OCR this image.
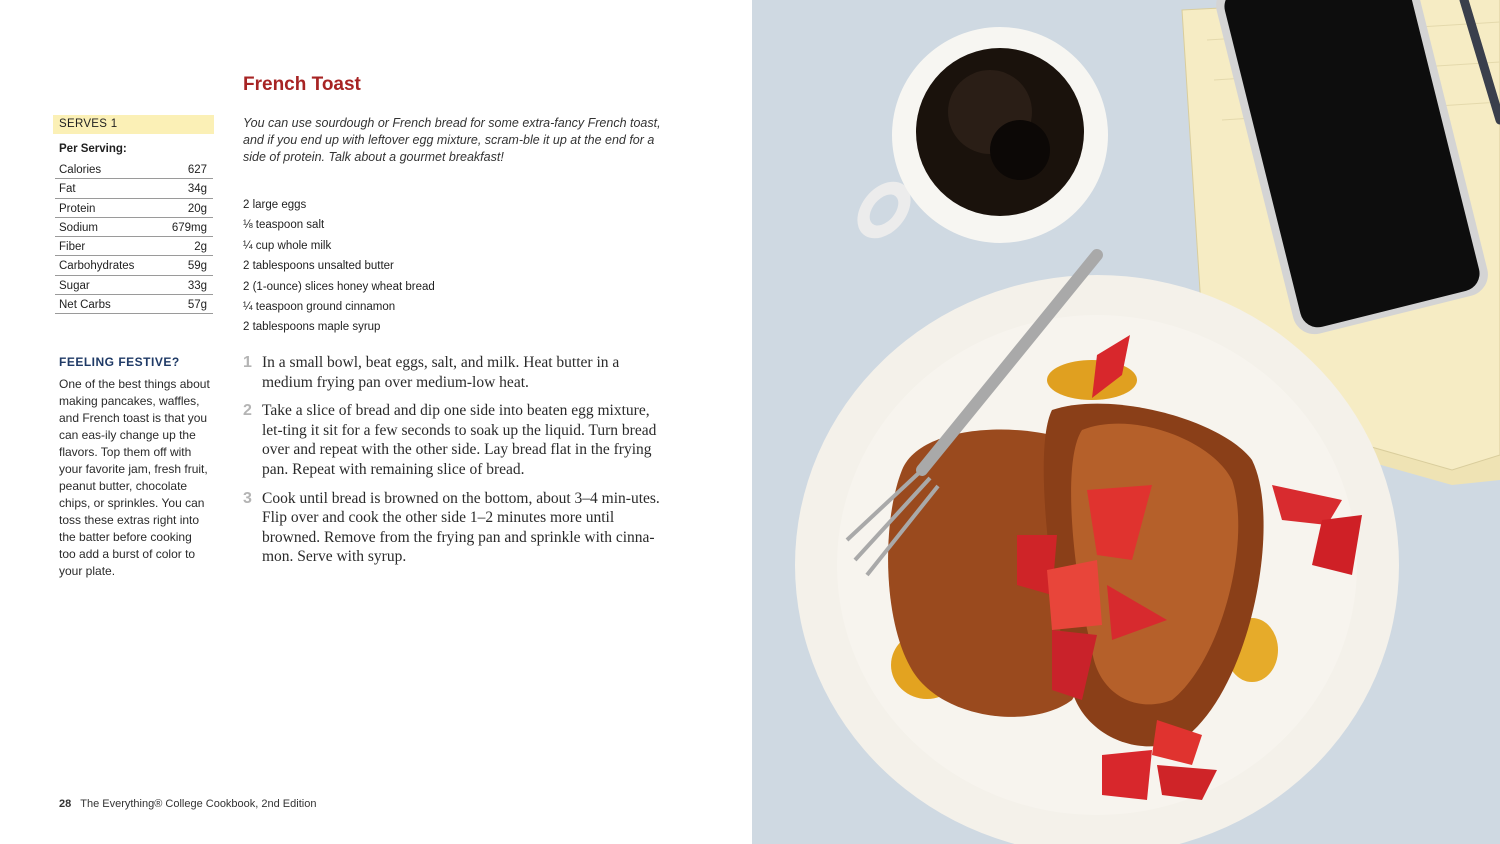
SERVES 1
Per Serving:
Calories	627
Fat	34g
Protein	20g
Sodium	679mg
Fiber	2g
Carbohydrates	59g
Sugar	33g
Net Carbs	57g
FEELING FESTIVE?
One of the best things about making pancakes, waffles, and French toast is that you can eas-ily change up the flavors. Top them off with your favorite jam, fresh fruit, peanut butter, chocolate chips, or sprinkles. You can toss these extras right into the batter before cooking too add a burst of color to your plate.
French Toast
You can use sourdough or French bread for some extra-fancy French toast, and if you end up with leftover egg mixture, scram-ble it up at the end for a side of protein. Talk about a gourmet breakfast!
2 large eggs
⅛ teaspoon salt
¼ cup whole milk
2 tablespoons unsalted butter
2 (1-ounce) slices honey wheat bread
¼ teaspoon ground cinnamon
2 tablespoons maple syrup
1 In a small bowl, beat eggs, salt, and milk. Heat butter in a medium frying pan over medium-low heat.
2 Take a slice of bread and dip one side into beaten egg mixture, let-ting it sit for a few seconds to soak up the liquid. Turn bread over and repeat with the other side. Lay bread flat in the frying pan. Repeat with remaining slice of bread.
3 Cook until bread is browned on the bottom, about 3–4 min-utes. Flip over and cook the other side 1–2 minutes more until browned. Remove from the frying pan and sprinkle with cinna-mon. Serve with syrup.
28 The Everything® College Cookbook, 2nd Edition
